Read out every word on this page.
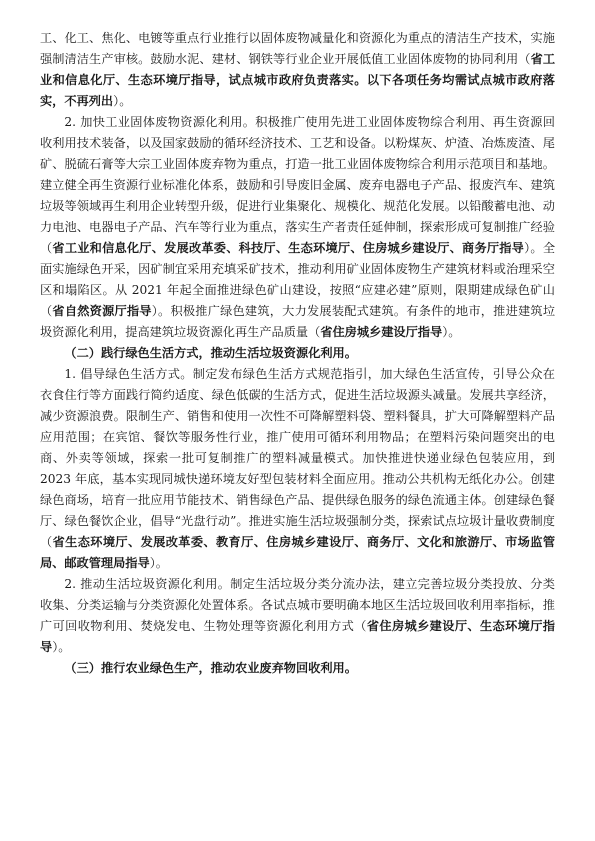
工、化工、焦化、电镀等重点行业推行以固体废物减量化和资源化为重点的清洁生产技术，实施强制清洁生产审核。鼓励水泥、建材、钢铁等行业企业开展低值工业固体废物的协同利用（省工业和信息化厅、生态环境厅指导，试点城市政府负责落实。以下各项任务均需试点城市政府落实，不再列出）。

2. 加快工业固体废物资源化利用。积极推广使用先进工业固体废物综合利用、再生资源回收利用技术装备，以及国家鼓励的循环经济技术、工艺和设备。以粉煤灰、炉渣、冶炼废渣、尾矿、脱硫石膏等大宗工业固体废弃物为重点，打造一批工业固体废物综合利用示范项目和基地。建立健全再生资源行业标准化体系，鼓励和引导废旧金属、废弃电器电子产品、报废汽车、建筑垃圾等领域再生利用企业转型升级，促进行业集聚化、规模化、规范化发展。以铅酸蓄电池、动力电池、电器电子产品、汽车等行业为重点，落实生产者责任延伸制，探索形成可复制推广经验（省工业和信息化厅、发展改革委、科技厅、生态环境厅、住房城乡建设厅、商务厅指导）。全面实施绿色开采，因矿制宜采用充填采矿技术，推动利用矿业固体废物生产建筑材料或治理采空区和塌陷区。从 2021 年起全面推进绿色矿山建设，按照“应建必建”原则，限期建成绿色矿山（省自然资源厅指导）。积极推广绿色建筑，大力发展装配式建筑。有条件的地市，推进建筑垃圾资源化利用，提高建筑垃圾资源化再生产品质量（省住房城乡建设厅指导）。

（二）践行绿色生活方式，推动生活垃圾资源化利用。

1. 倡导绿色生活方式。制定发布绿色生活方式规范指引，加大绿色生活宣传，引导公众在衣食住行等方面践行简约适度、绿色低碳的生活方式，促进生活垃圾源头减量。发展共享经济，减少资源浪费。限制生产、销售和使用一次性不可降解塑料袋、塑料餐具，扩大可降解塑料产品应用范围；在宾馆、餐饮等服务性行业，推广使用可循环利用物品；在塑料污染问题突出的电商、外卖等领域，探索一批可复制推广的塑料减量模式。加快推进快递业绿色包装应用，到 2023 年底，基本实现同城快递环境友好型包装材料全面应用。推动公共机构无纸化办公。创建绿色商场，培育一批应用节能技术、销售绿色产品、提供绿色服务的绿色流通主体。创建绿色餐厅、绿色餐饮企业，倡导“光盘行动”。推进实施生活垃圾强制分类，探索试点垃圾计量收费制度（省生态环境厅、发展改革委、教育厅、住房城乡建设厅、商务厅、文化和旅游厅、市场监管局、邮政管理局指导）。

2. 推动生活垃圾资源化利用。制定生活垃圾分类分流办法，建立完善垃圾分类投放、分类收集、分类运输与分类资源化处置体系。各试点城市要明确本地区生活垃圾回收利用率指标，推广可回收物利用、焚烧发电、生物处理等资源化利用方式（省住房城乡建设厅、生态环境厅指导）。

（三）推行农业绿色生产，推动农业废弃物回收利用。
